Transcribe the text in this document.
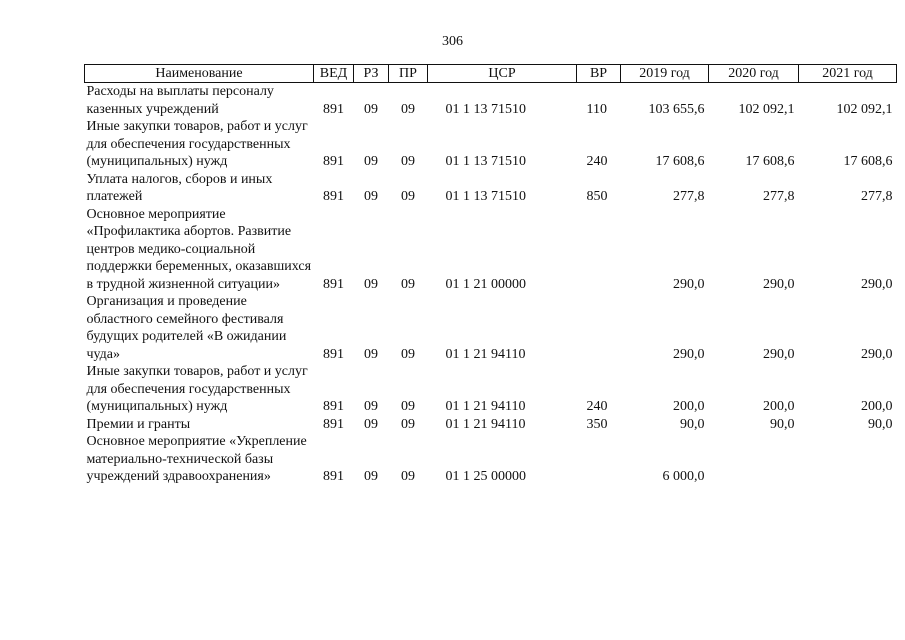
306
Наименование	ВЕД	РЗ	ПР	ЦСР	ВР	2019 год	2020 год	2021 год
Расходы на выплаты персоналу казенных учреждений	891	09	09	01 1 13 71510	110	103 655,6	102 092,1	102 092,1
Иные закупки товаров, работ и услуг для обеспечения государственных (муниципальных) нужд	891	09	09	01 1 13 71510	240	17 608,6	17 608,6	17 608,6
Уплата налогов, сборов и иных платежей	891	09	09	01 1 13 71510	850	277,8	277,8	277,8
Основное мероприятие «Профилактика абортов. Развитие центров медико-социальной поддержки беременных, оказавшихся в трудной жизненной ситуации»	891	09	09	01 1 21 00000		290,0	290,0	290,0
Организация и проведение областного семейного фестиваля будущих родителей «В ожидании чуда»	891	09	09	01 1 21 94110		290,0	290,0	290,0
Иные закупки товаров, работ и услуг для обеспечения государственных (муниципальных) нужд	891	09	09	01 1 21 94110	240	200,0	200,0	200,0
Премии и гранты	891	09	09	01 1 21 94110	350	90,0	90,0	90,0
Основное мероприятие «Укрепление материально-технической базы учреждений здравоохранения»	891	09	09	01 1 25 00000		6 000,0		
